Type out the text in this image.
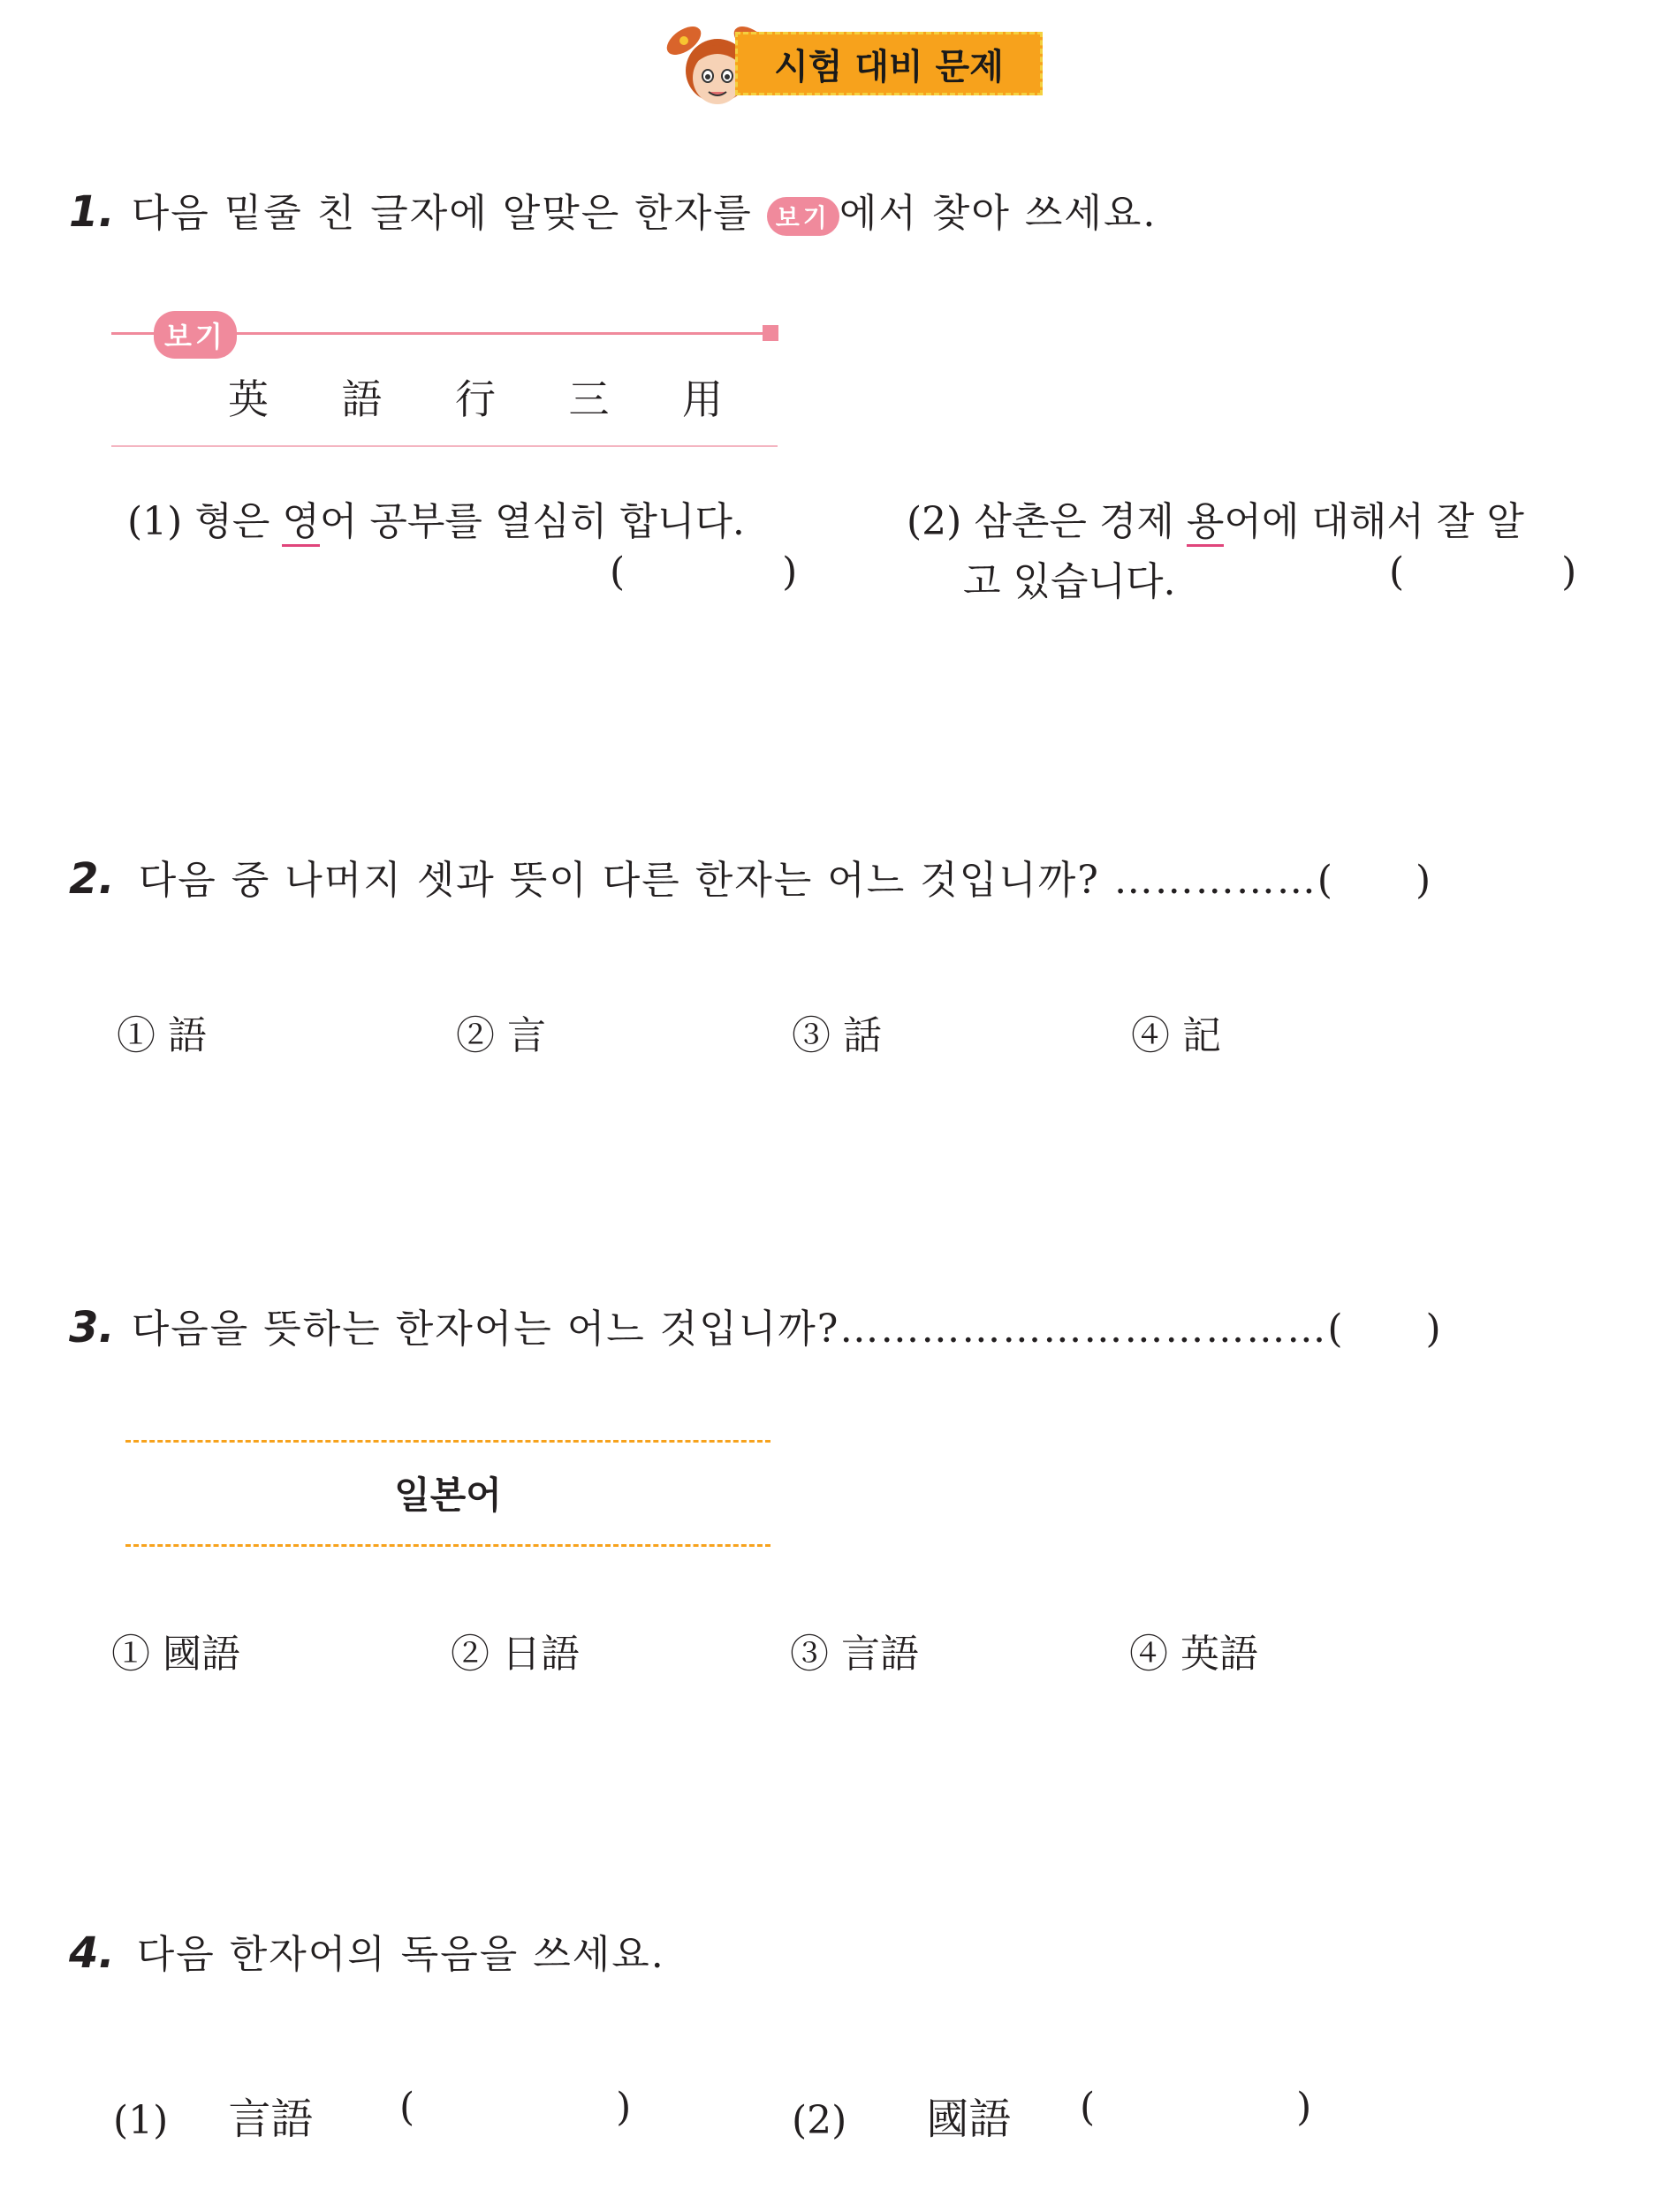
시험 대비 문제
1. 다음 밑줄 친 글자에 알맞은 한자를 보기 에서 찾아 쓰세요.
보기
英 語 行 三 用
(1) 형은 영어 공부를 열심히 합니다.
(	)
(2) 삼촌은 경제 용어에 대해서 잘 알
고 있습니다.	(	)
2. 다음 중 나머지 셋과 뜻이 다른 한자는 어느 것입니까? ……………(　　)
① 語	② 言	③ 話	④ 記
3. 다음을 뜻하는 한자어는 어느 것입니까?………………………………(　　)
일본어
① 國語	② 日語	③ 言語	④ 英語
4. 다음 한자어의 독음을 쓰세요.
(1) 言語 (	)	(2) 國語 (	)
